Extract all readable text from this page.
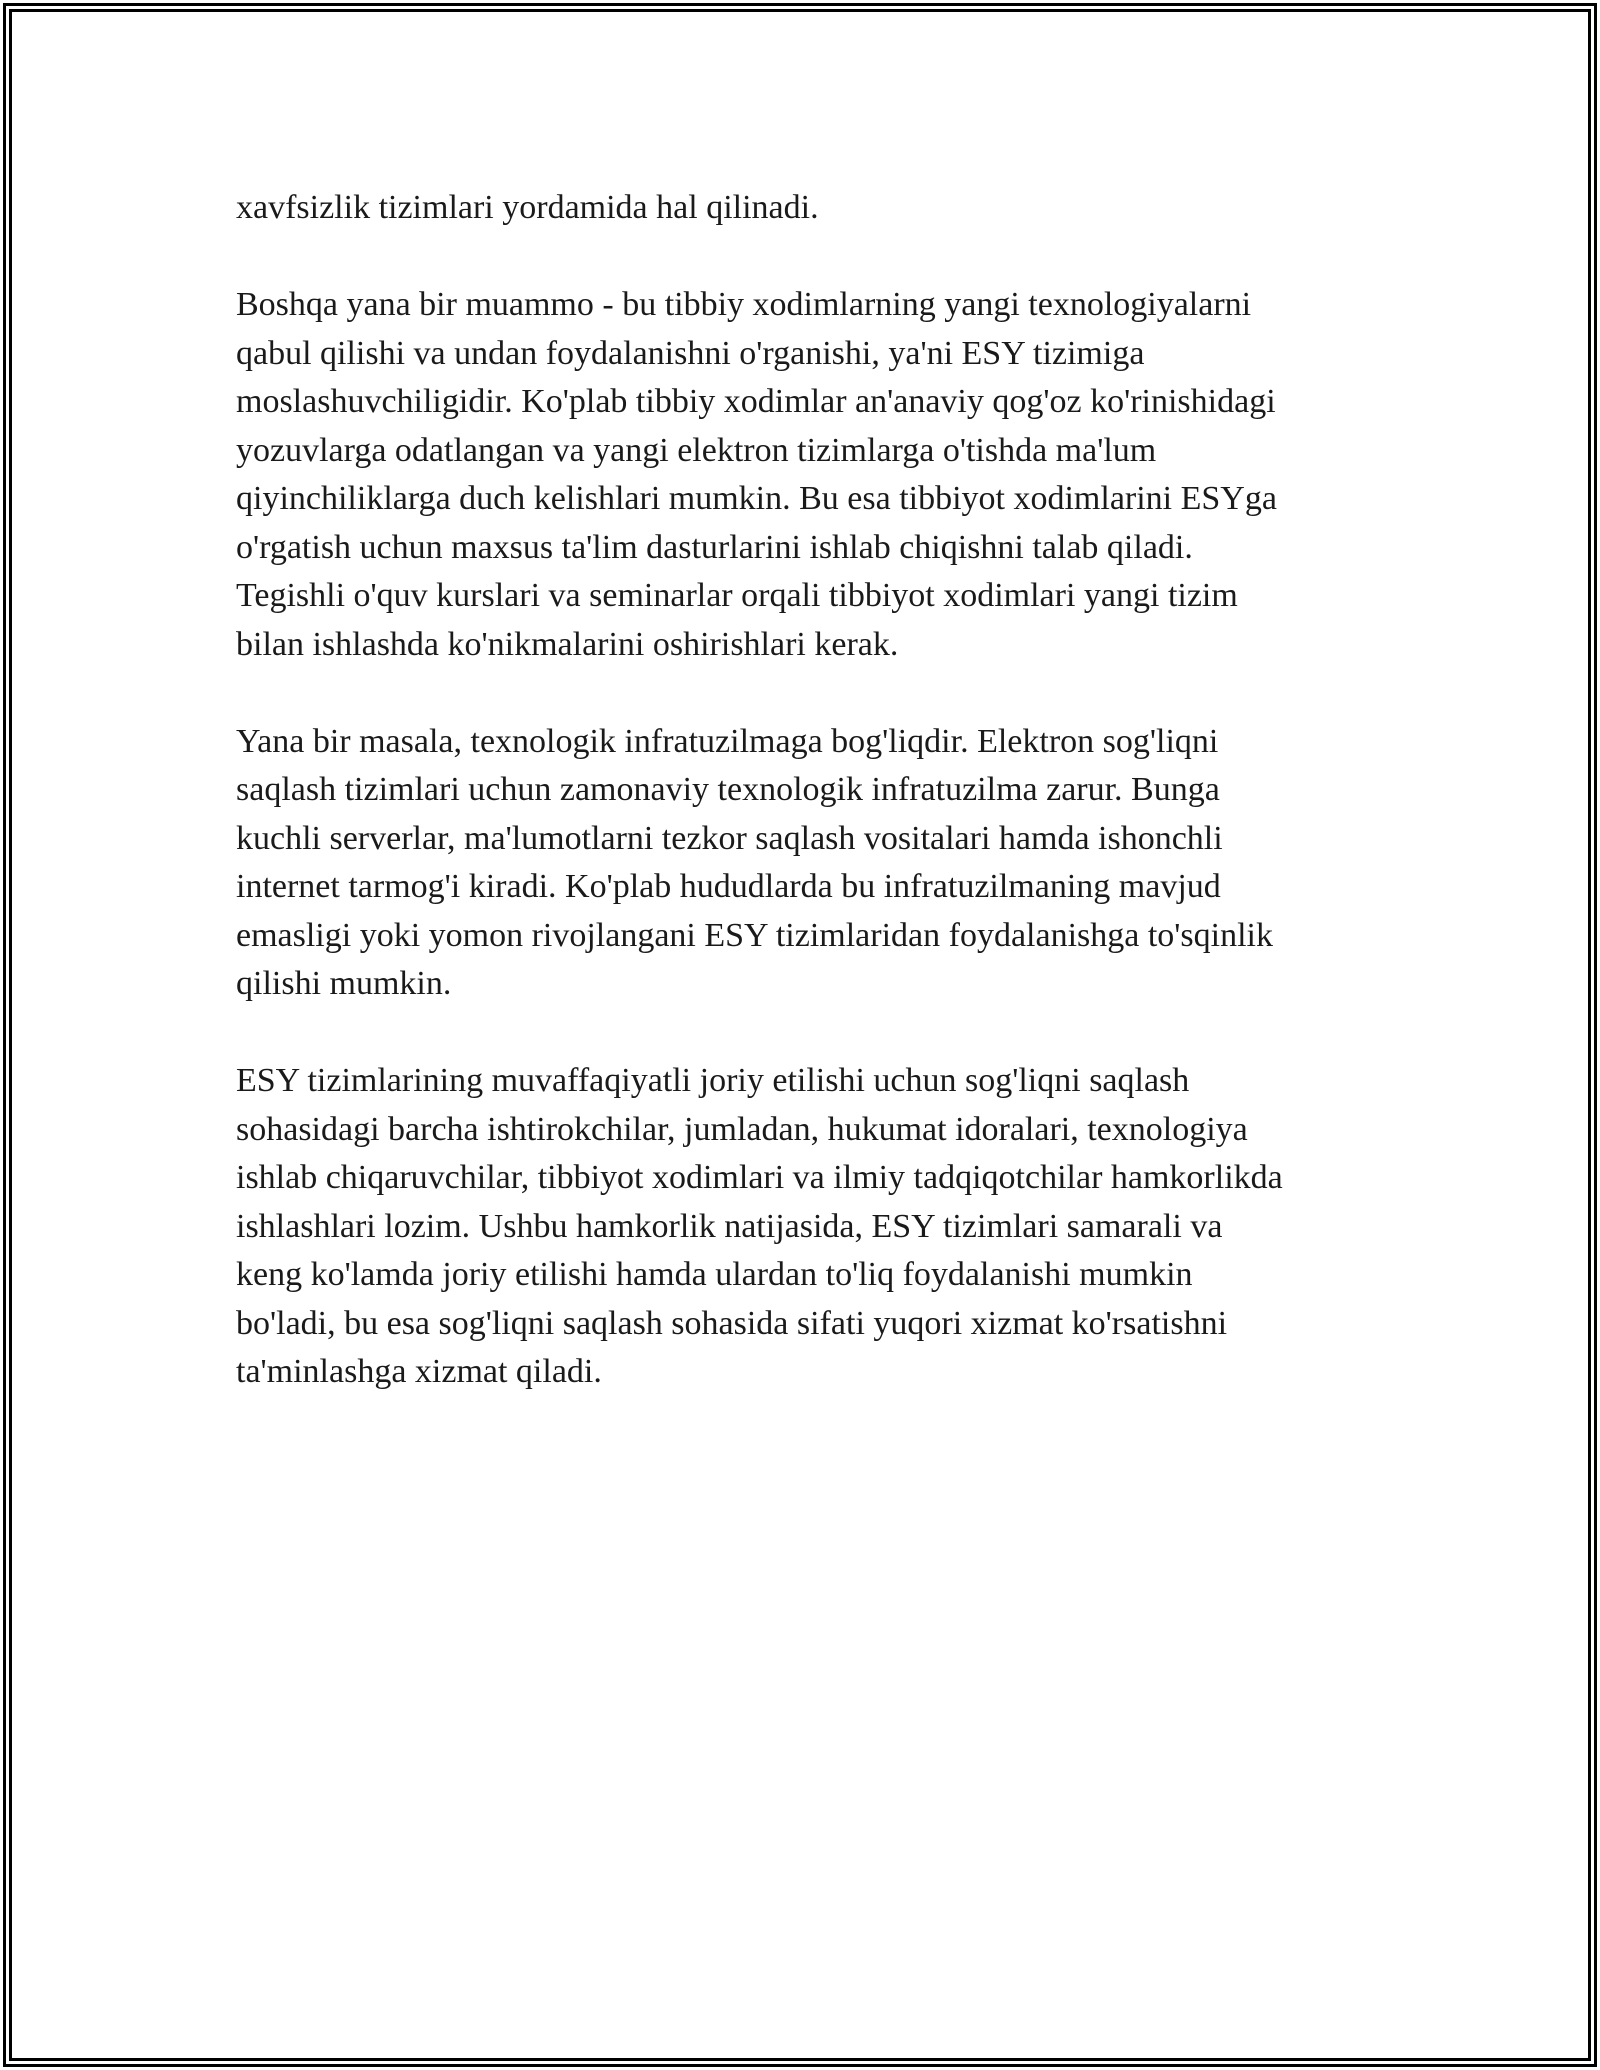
xavfsizlik tizimlari yordamida hal qilinadi.

Boshqa yana bir muammo - bu tibbiy xodimlarning yangi texnologiyalarni
qabul qilishi va undan foydalanishni o'rganishi, ya'ni ESY tizimiga
moslashuvchiligidir. Ko'plab tibbiy xodimlar an'anaviy qog'oz ko'rinishidagi
yozuvlarga odatlangan va yangi elektron tizimlarga o'tishda ma'lum
qiyinchiliklarga duch kelishlari mumkin. Bu esa tibbiyot xodimlarini ESYga
o'rgatish uchun maxsus ta'lim dasturlarini ishlab chiqishni talab qiladi.
Tegishli o'quv kurslari va seminarlar orqali tibbiyot xodimlari yangi tizim
bilan ishlashda ko'nikmalarini oshirishlari kerak.

Yana bir masala, texnologik infratuzilmaga bog'liqdir. Elektron sog'liqni
saqlash tizimlari uchun zamonaviy texnologik infratuzilma zarur. Bunga
kuchli serverlar, ma'lumotlarni tezkor saqlash vositalari hamda ishonchli
internet tarmog'i kiradi. Ko'plab hududlarda bu infratuzilmaning mavjud
emasligi yoki yomon rivojlangani ESY tizimlaridan foydalanishga to'sqinlik
qilishi mumkin.

ESY tizimlarining muvaffaqiyatli joriy etilishi uchun sog'liqni saqlash
sohasidagi barcha ishtirokchilar, jumladan, hukumat idoralari, texnologiya
ishlab chiqaruvchilar, tibbiyot xodimlari va ilmiy tadqiqotchilar hamkorlikda
ishlashlari lozim. Ushbu hamkorlik natijasida, ESY tizimlari samarali va
keng ko'lamda joriy etilishi hamda ulardan to'liq foydalanishi mumkin
bo'ladi, bu esa sog'liqni saqlash sohasida sifati yuqori xizmat ko'rsatishni
ta'minlashga xizmat qiladi.
